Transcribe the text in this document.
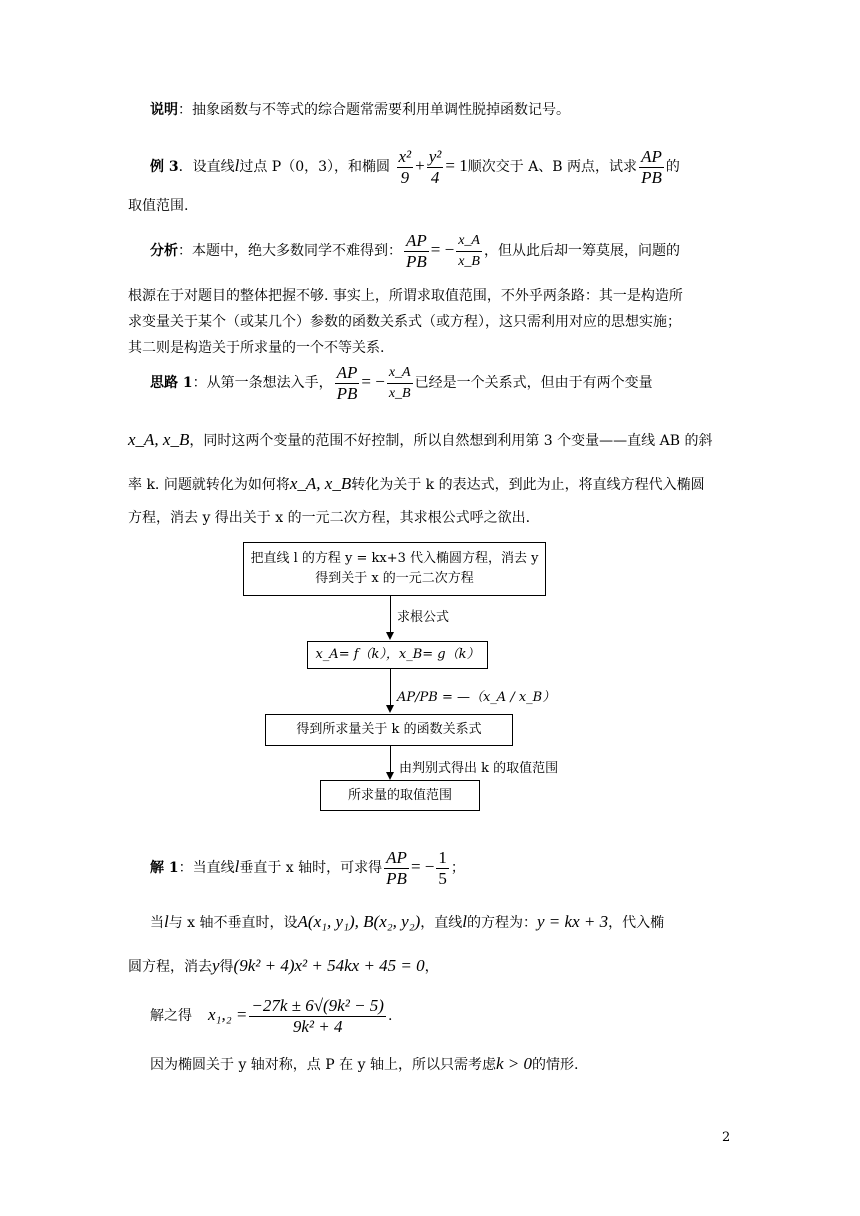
说明：抽象函数与不等式的综合题常需要利用单调性脱掉函数记号。
例 3．设直线l过点 P（0，3），和椭圆 $\frac{\text{x²}}{9} + \frac{\text{y²}}{4} = 1$顺次交于 A、B 两点，试求 $\frac{AP}{PB}$ 的
取值范围.
分析：本题中，绝大多数同学不难得到： $\frac{AP}{PB}$ = − $\frac{x\_A}{x\_B}$ ，但从此后却一筹莫展，问题的
根源在于对题目的整体把握不够. 事实上，所谓求取值范围，不外乎两条路：其一是构造所
求变量关于某个（或某几个）参数的函数关系式（或方程），这只需利用对应的思想实施；
其二则是构造关于所求量的一个不等关系.
思路 1：从第一条想法入手， $\frac{AP}{PB}$ = − $\frac{x\_A}{x\_B}$ 已经是一个关系式，但由于有两个变量
x_A, x_B，同时这两个变量的范围不好控制，所以自然想到利用第 3 个变量——直线 AB 的斜
率 k. 问题就转化为如何将x_A, x_B转化为关于 k 的表达式，到此为止，将直线方程代入椭圆
方程，消去 y 得出关于 x 的一元二次方程，其求根公式呼之欲出.
把直线 l 的方程 y = kx+3 代入椭圆方程，消去 y
得到关于 x 的一元二次方程
求根公式
x_A= f（k），x_B= g（k）
AP/PB = —（x_A / x_B）
得到所求量关于 k 的函数关系式
由判别式得出 k 的取值范围
所求量的取值范围
解 1：当直线l垂直于 x 轴时，可求得 $\frac{AP}{PB}$ = − $\frac{1}{5}$ ；
当l与 x 轴不垂直时，设A(x₁, y₁), B(x₂, y₂)，直线l的方程为：y = kx + 3，代入椭
圆方程，消去y得(9k² + 4)x² + 54kx + 45 = 0，
解之得 $x_1,_2 = \frac{\text{−27k ± 6√(9k² − 5)}}{\text{9k² + 4}}$ .
因为椭圆关于 y 轴对称，点 P 在 y 轴上，所以只需考虑k > 0的情形.
2
